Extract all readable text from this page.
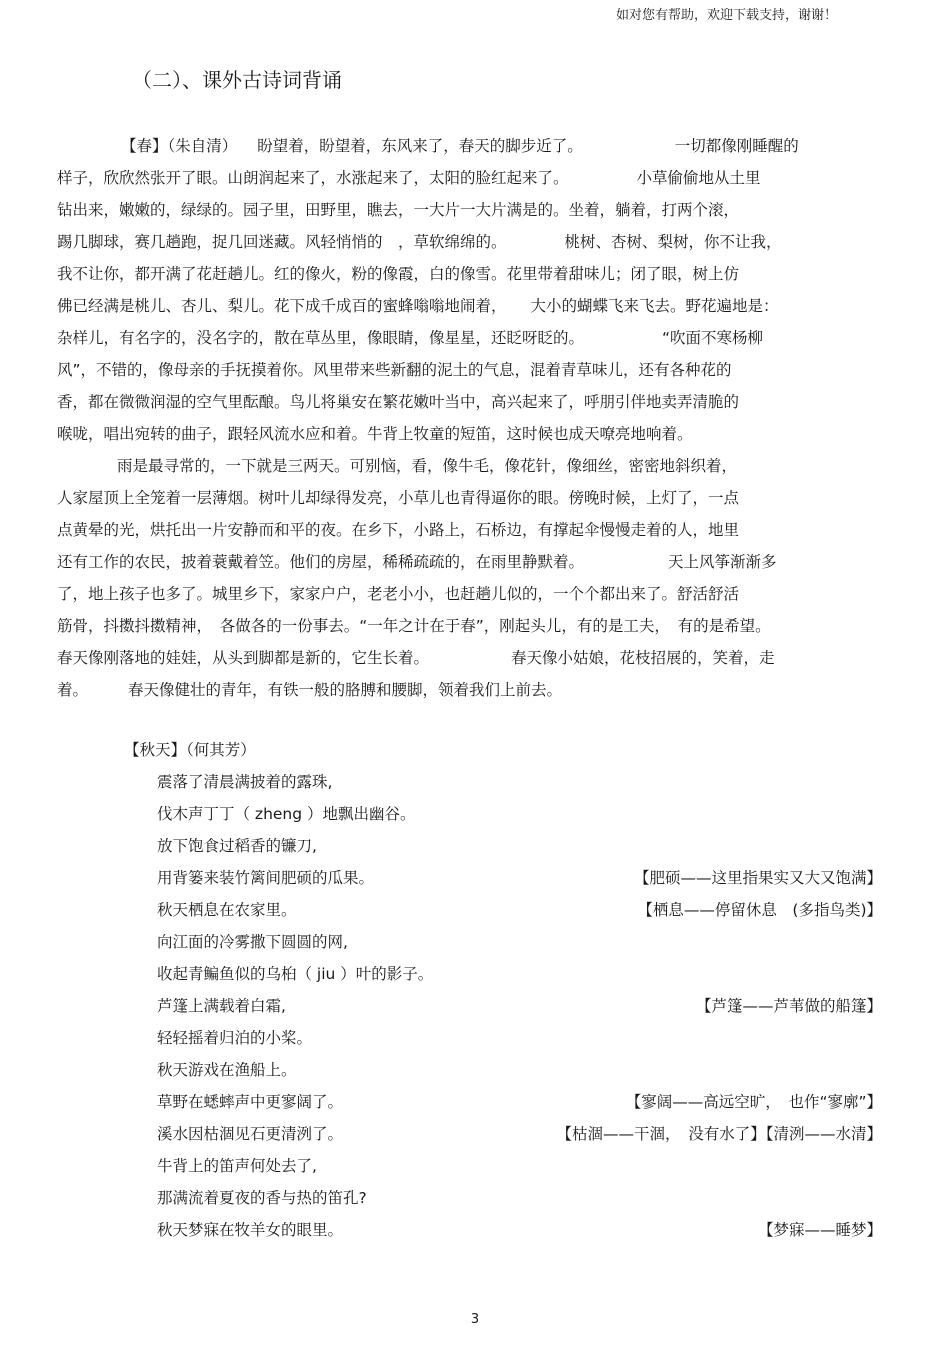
如对您有帮助，欢迎下载支持，谢谢！
（二）、课外古诗词背诵
【春】（朱自清） 盼望着，盼望着，东风来了，春天的脚步近了。	一切都像刚睡醒的
样子，欣欣然张开了眼。山朗润起来了，水涨起来了，太阳的脸红起来了。	小草偷偷地从土里
钻出来，嫩嫩的，绿绿的。园子里，田野里，瞧去，一大片一大片满是的。坐着，躺着，打两个滚，
踢几脚球，赛几趟跑，捉几回迷藏。风轻悄悄的　，草软绵绵的。	桃树、杏树、梨树，你不让我，
我不让你，都开满了花赶趟儿。红的像火，粉的像霞，白的像雪。花里带着甜味儿；闭了眼，树上仿
佛已经满是桃儿、杏儿、梨儿。花下成千成百的蜜蜂嗡嗡地闹着， 大小的蝴蝶飞来飞去。野花遍地是：
杂样儿，有名字的，没名字的，散在草丛里，像眼睛，像星星，还眨呀眨的。	“吹面不寒杨柳
风”，不错的，像母亲的手抚摸着你。风里带来些新翻的泥土的气息，混着青草味儿，还有各种花的
香，都在微微润湿的空气里酝酿。鸟儿将巢安在繁花嫩叶当中，高兴起来了，呼朋引伴地卖弄清脆的
喉咙，唱出宛转的曲子，跟轻风流水应和着。牛背上牧童的短笛，这时候也成天嘹亮地响着。
雨是最寻常的，一下就是三两天。可别恼，看，像牛毛，像花针，像细丝，密密地斜织着，
人家屋顶上全笼着一层薄烟。树叶儿却绿得发亮，小草儿也青得逼你的眼。傍晚时候，上灯了，一点
点黄晕的光，烘托出一片安静而和平的夜。在乡下，小路上，石桥边，有撑起伞慢慢走着的人，地里
还有工作的农民，披着蓑戴着笠。他们的房屋，稀稀疏疏的，在雨里静默着。	天上风筝渐渐多
了，地上孩子也多了。城里乡下，家家户户，老老小小，也赶趟儿似的，一个个都出来了。舒活舒活
筋骨，抖擞抖擞精神，　各做各的一份事去。“一年之计在于春”，刚起头儿，有的是工夫，　有的是希望。
春天像刚落地的娃娃，从头到脚都是新的，它生长着。	春天像小姑娘，花枝招展的，笑着，走
着。	春天像健壮的青年，有铁一般的胳膊和腰脚，领着我们上前去。
【秋天】（何其芳）
震落了清晨满披着的露珠,
伐木声丁丁（ zheng ）地飘出幽谷。
放下饱食过稻香的镰刀,
用背篓来装竹篱间肥硕的瓜果。	【肥硕——这里指果实又大又饱满】
秋天栖息在农家里。	【栖息——停留休息　(多指鸟类)】
向江面的冷雾撒下圆圆的网,
收起青鳊鱼似的乌桕（ jiu ）叶的影子。
芦篷上满载着白霜,	【芦篷——芦苇做的船篷】
轻轻摇着归泊的小桨。
秋天游戏在渔船上。
草野在蟋蟀声中更寥阔了。	【寥阔——高远空旷，　也作“寥廓”】
溪水因枯涸见石更清洌了。	【枯涸——干涸，　没有水了】【清洌——水清】
牛背上的笛声何处去了,
那满流着夏夜的香与热的笛孔?
秋天梦寐在牧羊女的眼里。	【梦寐——睡梦】
3
